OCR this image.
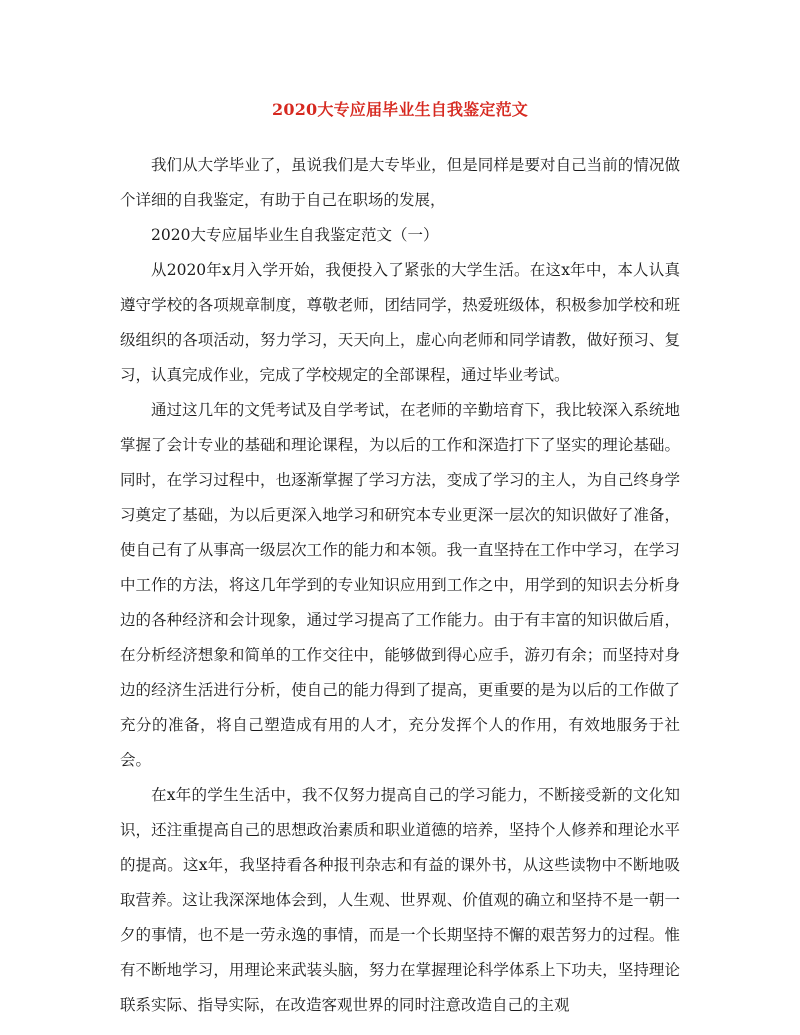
2020大专应届毕业生自我鉴定范文

我们从大学毕业了，虽说我们是大专毕业，但是同样是要对自己当前的情况做个详细的自我鉴定，有助于自己在职场的发展，

2020大专应届毕业生自我鉴定范文（一）

从2020年x月入学开始，我便投入了紧张的大学生活。在这x年中，本人认真遵守学校的各项规章制度，尊敬老师，团结同学，热爱班级体，积极参加学校和班级组织的各项活动，努力学习，天天向上，虚心向老师和同学请教，做好预习、复习，认真完成作业，完成了学校规定的全部课程，通过毕业考试。

通过这几年的文凭考试及自学考试，在老师的辛勤培育下，我比较深入系统地掌握了会计专业的基础和理论课程，为以后的工作和深造打下了坚实的理论基础。同时，在学习过程中，也逐渐掌握了学习方法，变成了学习的主人，为自己终身学习奠定了基础，为以后更深入地学习和研究本专业更深一层次的知识做好了准备，使自己有了从事高一级层次工作的能力和本领。我一直坚持在工作中学习，在学习中工作的方法，将这几年学到的专业知识应用到工作之中，用学到的知识去分析身边的各种经济和会计现象，通过学习提高了工作能力。由于有丰富的知识做后盾，在分析经济想象和简单的工作交往中，能够做到得心应手，游刃有余；而坚持对身边的经济生活进行分析，使自己的能力得到了提高，更重要的是为以后的工作做了充分的准备，将自己塑造成有用的人才，充分发挥个人的作用，有效地服务于社会。

在x年的学生生活中，我不仅努力提高自己的学习能力，不断接受新的文化知识，还注重提高自己的思想政治素质和职业道德的培养，坚持个人修养和理论水平的提高。这x年，我坚持看各种报刊杂志和有益的课外书，从这些读物中不断地吸取营养。这让我深深地体会到，人生观、世界观、价值观的确立和坚持不是一朝一夕的事情，也不是一劳永逸的事情，而是一个长期坚持不懈的艰苦努力的过程。惟有不断地学习，用理论来武装头脑，努力在掌握理论科学体系上下功夫，坚持理论联系实际、指导实际，在改造客观世界的同时注意改造自己的主观
